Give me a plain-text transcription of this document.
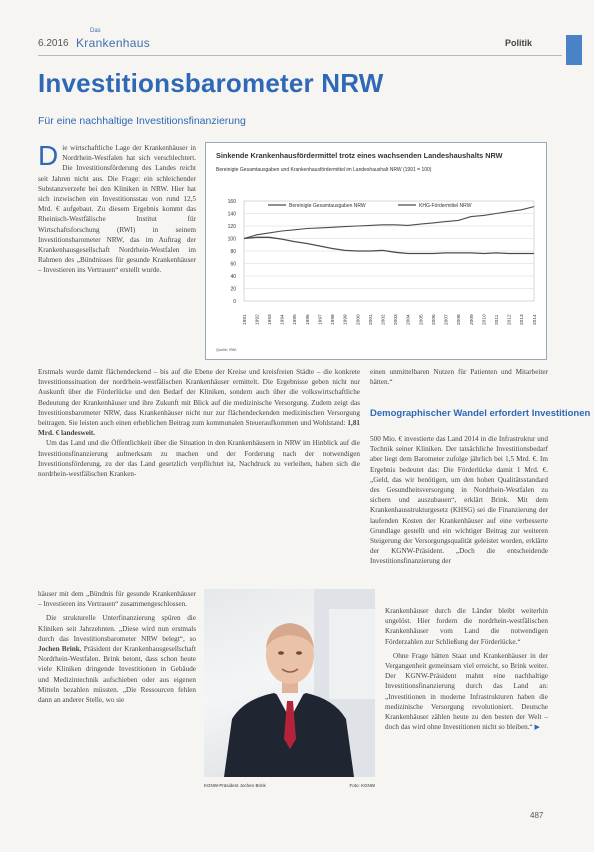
6.2016
Das
Krankenhaus	Politik
Investitionsbarometer NRW
Für eine nachhaltige Investitionsfinanzierung

Die wirtschaftliche Lage der Krankenhäuser in Nordrhein-Westfalen hat sich verschlechtert. Die Investitionsförderung des Landes reicht seit Jahren nicht aus. Die Frage: ein schleichender Substanzverzehr bei den Kliniken in NRW. Hier hat sich inzwischen ein Investitionsstau von rund 12,5 Mrd. € aufgebaut. Zu diesem Ergebnis kommt das Rheinisch-Westfälische Institut für Wirtschaftsforschung (RWI) in seinem Investitionsbarometer NRW, das im Auftrag der Krankenhausgesellschaft Nordrhein-Westfalen im Rahmen des „Bündnisses für gesunde Krankenhäuser – Investieren ins Vertrauen“ erstellt wurde.

Erstmals wurde damit flächendeckend – bis auf die Ebene der Kreise und kreisfreien Städte – die konkrete Investitionssituation der nordrhein-westfälischen Krankenhäuser ermittelt. Die Ergebnisse geben nicht nur Auskunft über die Förderlücke und den Bedarf der Kliniken, sondern auch über die volkswirtschaftliche Bedeutung der Krankenhäuser und ihre Zukunft mit Blick auf die medizinische Versorgung. Zudem zeigt das Investitionsbarometer NRW, dass Krankenhäuser nicht nur zur flächendeckenden medizinischen Versorgung beitragen. Sie leisten auch einen erheblichen Beitrag zum kommunalen Steueraufkommen und Wohlstand: 1,81 Mrd. € landesweit.

Um das Land und die Öffentlichkeit über die Situation in den Krankenhäusern in NRW im Hinblick auf die Investitionsfinanzierung aufmerksam zu machen und der Forderung nach der notwendigen Investitionsförderung, zu der das Land gesetzlich verpflichtet ist, Nachdruck zu verleihen, haben sich die nordrhein-westfälischen Kranken-

häuser mit dem „Bündnis für gesunde Krankenhäuser – Investieren ins Vertrauen“ zusammengeschlossen.

Die strukturelle Unterfinanzierung spüren die Kliniken seit Jahrzehnten. „Diese wird nun erstmals durch das Investitionsbarometer NRW belegt“, so Jochen Brink, Präsident der Krankenhausgesellschaft Nordrhein-Westfalen. Brink betont, dass schon heute viele Kliniken dringende Investitionen in Gebäude und Medizintechnik aufschieben oder aus eigenen Mitteln bezahlen müssten. „Die Ressourcen fehlen dann an anderer Stelle, wo sie

Sinkende Krankenhausfördermittel trotz eines wachsenden Landeshaushalts NRW
Bereinigte Gesamtausgaben und Krankenhausfördermittel im Landeshaushalt NRW (1991 = 100)
0
20
40
60
80
100
120
140
160
1991 1992 1993 1994 1995 1996 1997 1998 1999 2000 2001 2002 2003 2004 2005 2006 2007 2008 2009 2010 2011 2012 2013 2014
Bereinigte Gesamtausgaben NRW	KHG-Fördermittel NRW
Quelle: RWI

einen unmittelbaren Nutzen für Patienten und Mitarbeiter hätten.“

Demographischer Wandel erfordert Investitionen

500 Mio. € investierte das Land 2014 in die Infrastruktur und Technik seiner Kliniken. Der tatsächliche Investitionsbedarf aber liegt dem Barometer zufolge jährlich bei 1,5 Mrd. €. Im Ergebnis bedeutet das: Die Förderlücke damit 1 Mrd. €. „Geld, das wir benötigen, um den hohen Qualitätsstandard des Gesundheitsversorgung in Nordrhein-Westfalen zu sichern und auszubauen“, erklärt Brink. Mit dem Krankenhausstrukturgesetz (KHSG) sei die Finanzierung der laufenden Kosten der Krankenhäuser auf eine verbesserte Grundlage gestellt und ein wichtiger Beitrag zur weiteren Steigerung der Versorgungsqualität geleistet worden, erklärte der KGNW-Präsident. „Doch die entscheidende Investitionsfinanzierung der

Krankenhäuser durch die Länder bleibt weiterhin ungelöst. Hier fordern die nordrhein-westfälischen Krankenhäuser vom Land die notwendigen Förderzahlen zur Schließung der Förderlücke.“

Ohne Frage hätten Staat und Krankenhäuser in der Vergangenheit gemeinsam viel erreicht, so Brink weiter. Der KGNW-Präsident mahnt eine nachhaltige Investitionsfinanzierung durch das Land an: „Investitionen in moderne Infrastrukturen haben die medizinische Versorgung revolutioniert. Deutsche Krankenhäuser zählen heute zu den besten der Welt – doch das wird ohne Investitionen nicht so bleiben.“ ▶

KGNW-Präsident Jochen Brink	Foto: KGNW
487
